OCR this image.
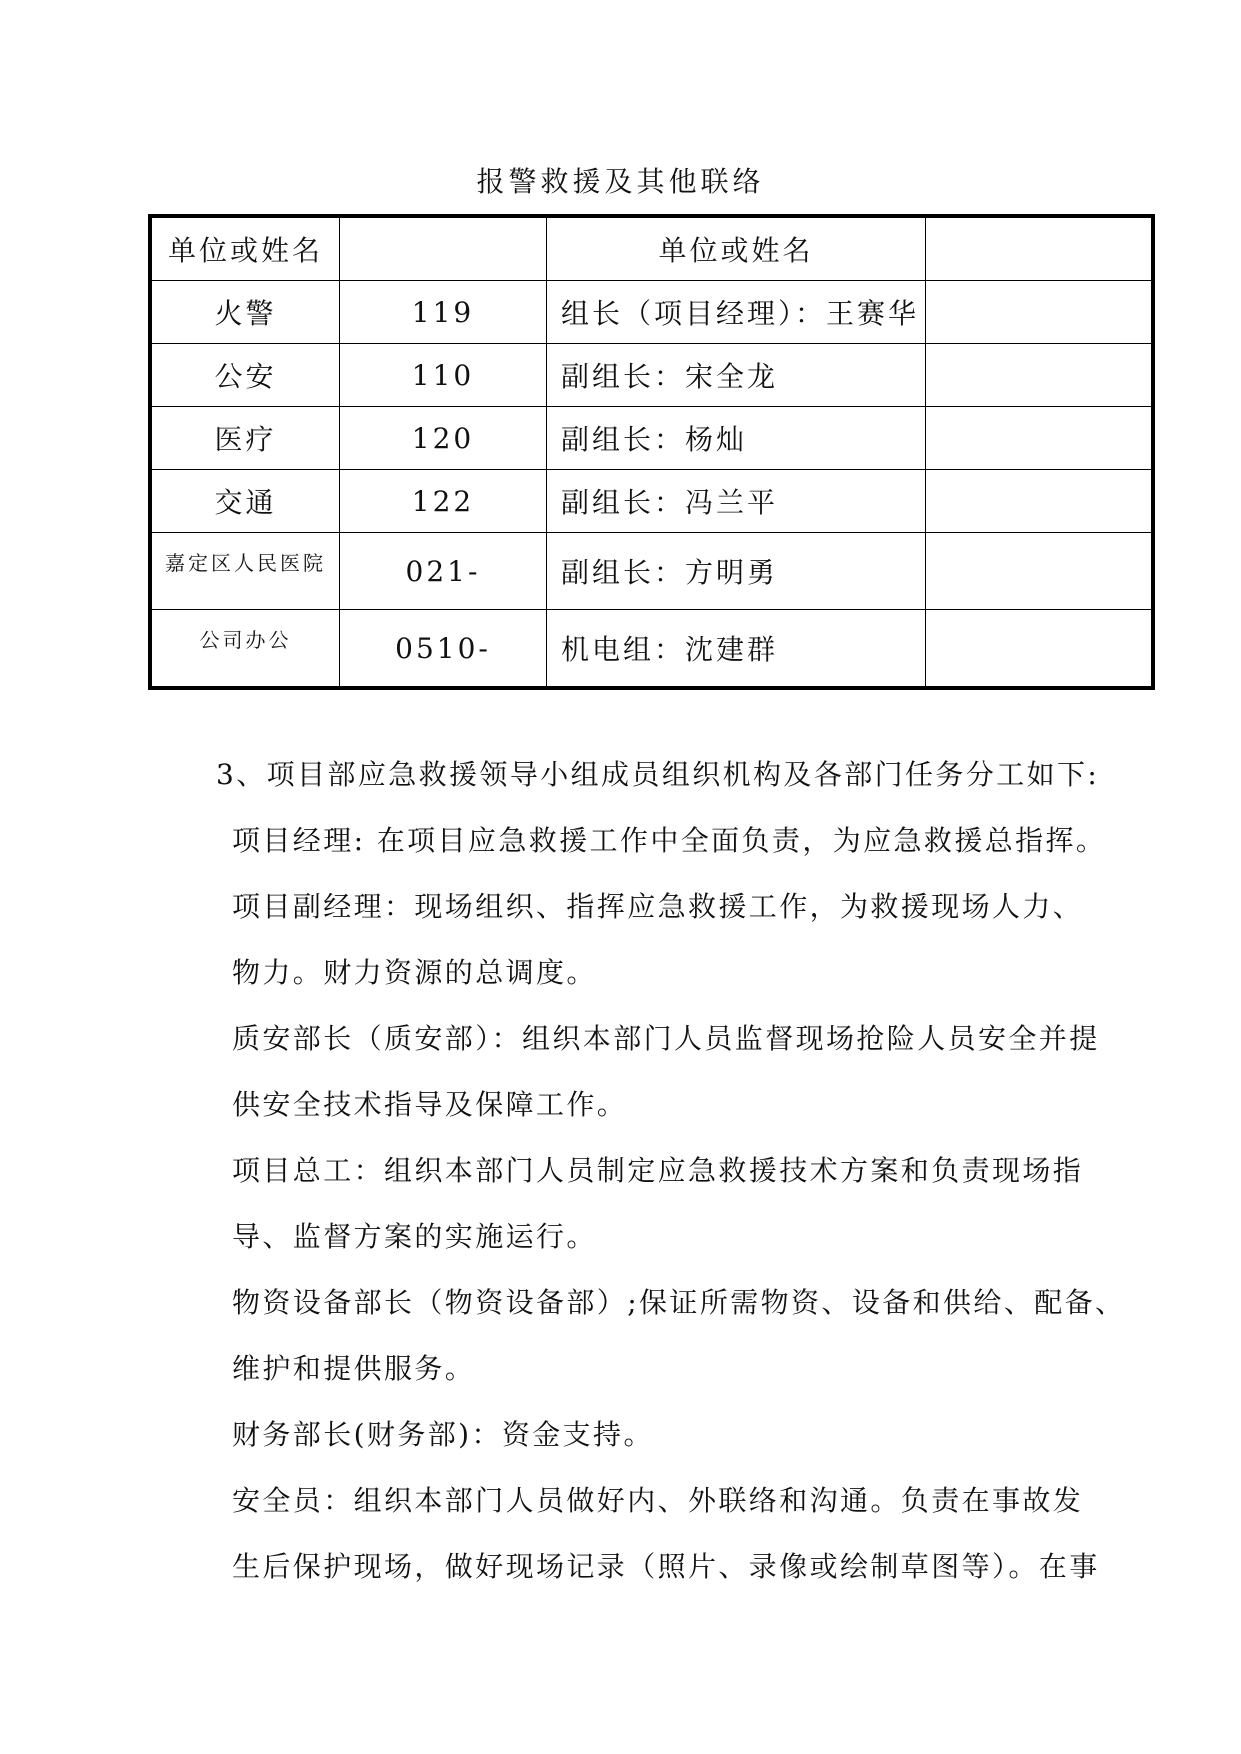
报警救援及其他联络
单位或姓名		单位或姓名	
火警	119	组长（项目经理）：王赛华	
公安	110	副组长：宋全龙	
医疗	120	副组长：杨灿	
交通	122	副组长：冯兰平	
嘉定区人民医院	021-	副组长：方明勇	
公司办公	0510-	机电组：沈建群	
3、项目部应急救援领导小组成员组织机构及各部门任务分工如下:
项目经理: 在项目应急救援工作中全面负责，为应急救援总指挥。
项目副经理：现场组织、指挥应急救援工作，为救援现场人力、
物力。财力资源的总调度。
质安部长（质安部）：组织本部门人员监督现场抢险人员安全并提
供安全技术指导及保障工作。
项目总工：组织本部门人员制定应急救援技术方案和负责现场指
导、监督方案的实施运行。
物资设备部长（物资设备部）;保证所需物资、设备和供给、配备、
维护和提供服务。
财务部长(财务部)：资金支持。
安全员：组织本部门人员做好内、外联络和沟通。负责在事故发
生后保护现场，做好现场记录（照片、录像或绘制草图等）。在事
